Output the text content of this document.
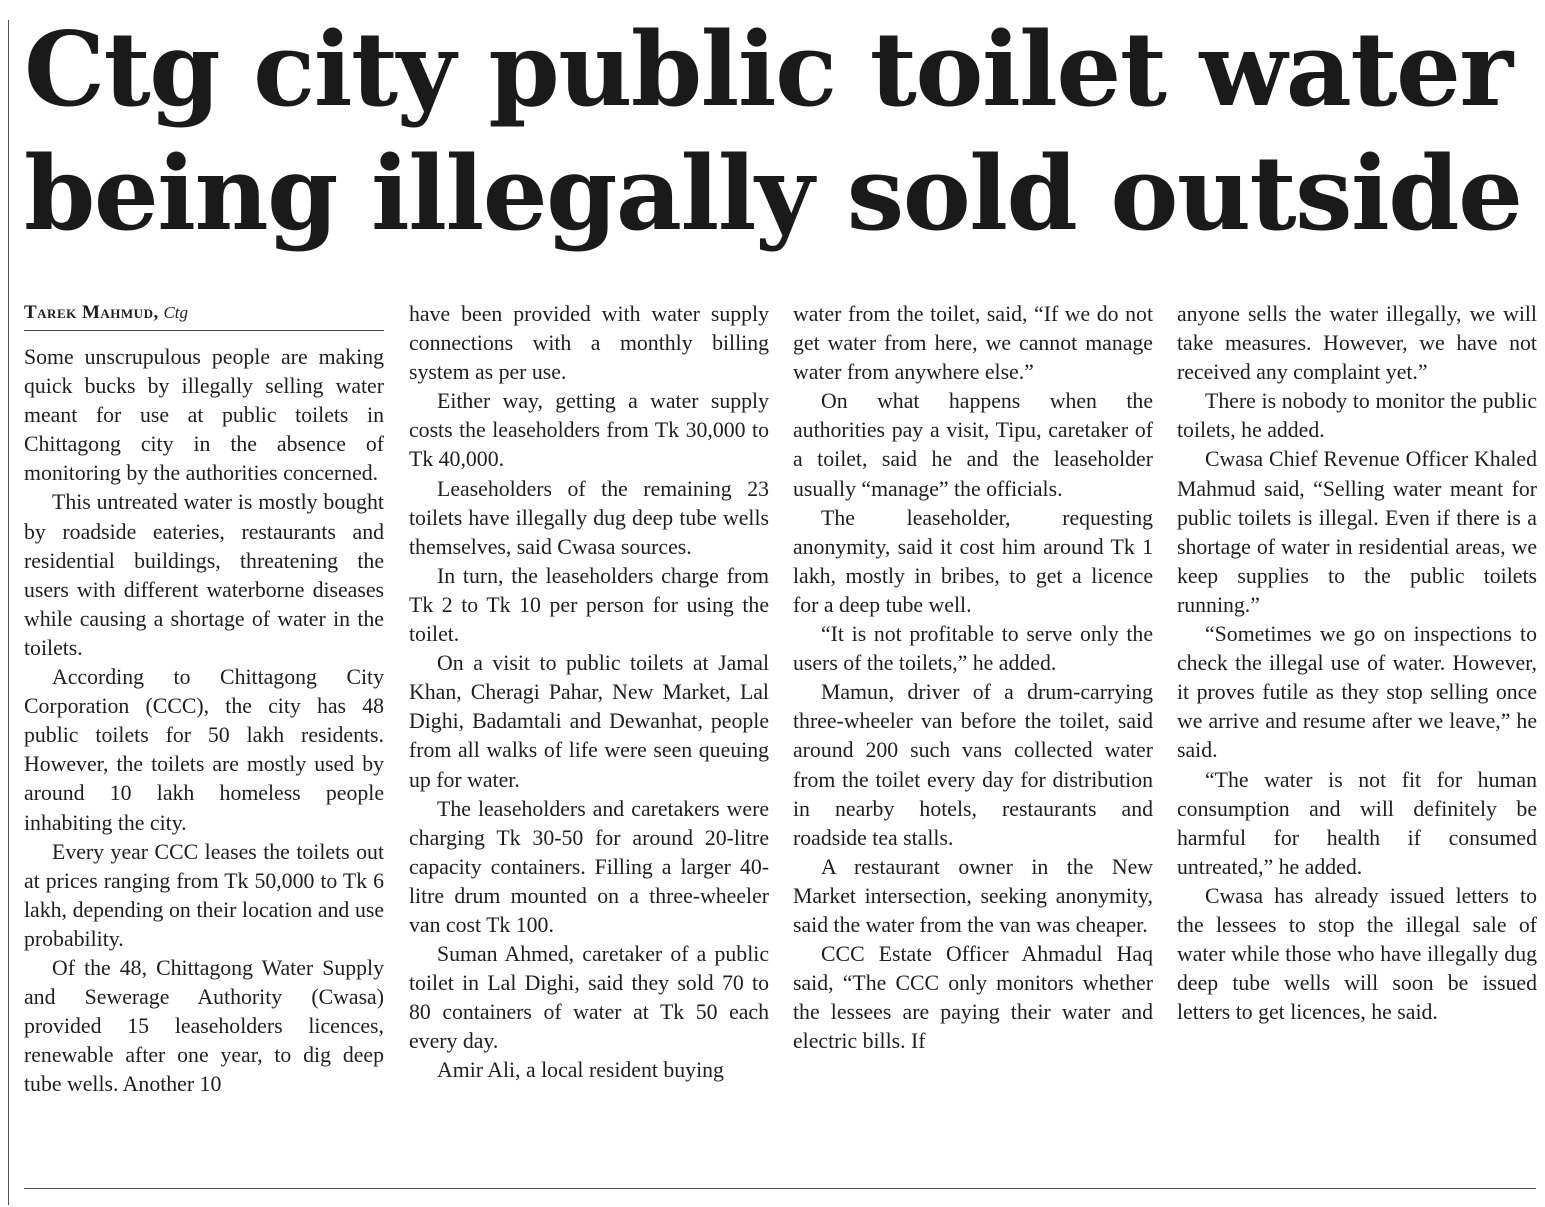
Ctg city public toilet water
being illegally sold outside
Tarek Mahmud, Ctg

Some unscrupulous people are making quick bucks by illegally selling water meant for use at public toilets in Chittagong city in the absence of monitoring by the authorities concerned.

This untreated water is mostly bought by roadside eateries, restaurants and residential buildings, threatening the users with different waterborne diseases while causing a shortage of water in the toilets.

According to Chittagong City Corporation (CCC), the city has 48 public toilets for 50 lakh residents. However, the toilets are mostly used by around 10 lakh homeless people inhabiting the city.

Every year CCC leases the toilets out at prices ranging from Tk 50,000 to Tk 6 lakh, depending on their location and use probability.

Of the 48, Chittagong Water Supply and Sewerage Authority (Cwasa) provided 15 leaseholders licences, renewable after one year, to dig deep tube wells. Another 10

have been provided with water supply connections with a monthly billing system as per use.

Either way, getting a water supply costs the leaseholders from Tk 30,000 to Tk 40,000.

Leaseholders of the remaining 23 toilets have illegally dug deep tube wells themselves, said Cwasa sources.

In turn, the leaseholders charge from Tk 2 to Tk 10 per person for using the toilet.

On a visit to public toilets at Jamal Khan, Cheragi Pahar, New Market, Lal Dighi, Badamtali and Dewanhat, people from all walks of life were seen queuing up for water.

The leaseholders and caretakers were charging Tk 30-50 for around 20-litre capacity containers. Filling a larger 40-litre drum mounted on a three-wheeler van cost Tk 100.

Suman Ahmed, caretaker of a public toilet in Lal Dighi, said they sold 70 to 80 containers of water at Tk 50 each every day.

Amir Ali, a local resident buying

water from the toilet, said, “If we do not get water from here, we cannot manage water from anywhere else.”

On what happens when the authorities pay a visit, Tipu, caretaker of a toilet, said he and the leaseholder usually “manage” the officials.

The leaseholder, requesting anonymity, said it cost him around Tk 1 lakh, mostly in bribes, to get a licence for a deep tube well.

“It is not profitable to serve only the users of the toilets,” he added.

Mamun, driver of a drum-carrying three-wheeler van before the toilet, said around 200 such vans collected water from the toilet every day for distribution in nearby hotels, restaurants and roadside tea stalls.

A restaurant owner in the New Market intersection, seeking anonymity, said the water from the van was cheaper.

CCC Estate Officer Ahmadul Haq said, “The CCC only monitors whether the lessees are paying their water and electric bills. If

anyone sells the water illegally, we will take measures. However, we have not received any complaint yet.”

There is nobody to monitor the public toilets, he added.

Cwasa Chief Revenue Officer Khaled Mahmud said, “Selling water meant for public toilets is illegal. Even if there is a shortage of water in residential areas, we keep supplies to the public toilets running.”

“Sometimes we go on inspections to check the illegal use of water. However, it proves futile as they stop selling once we arrive and resume after we leave,” he said.

“The water is not fit for human consumption and will definitely be harmful for health if consumed untreated,” he added.

Cwasa has already issued letters to the lessees to stop the illegal sale of water while those who have illegally dug deep tube wells will soon be issued letters to get licences, he said.
